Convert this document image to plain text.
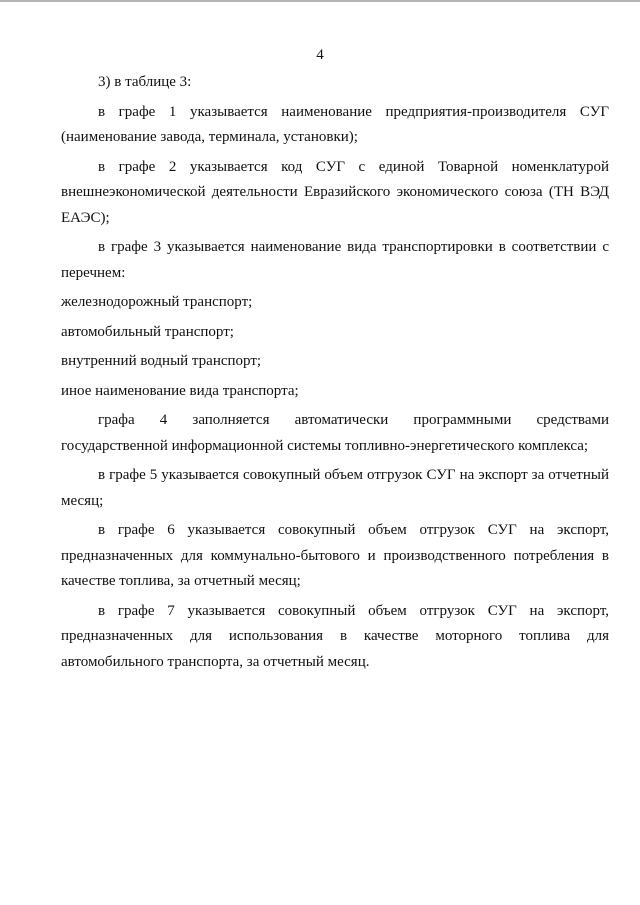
4

3) в таблице 3:

в графе 1 указывается наименование предприятия-производителя СУГ (наименование завода, терминала, установки);

в графе 2 указывается код СУГ с единой Товарной номенклатурой внешнеэкономической деятельности Евразийского экономического союза (ТН ВЭД ЕАЭС);

в графе 3 указывается наименование вида транспортировки в соответствии с перечнем:

железнодорожный транспорт;

автомобильный транспорт;

внутренний водный транспорт;

иное наименование вида транспорта;

графа 4 заполняется автоматически программными средствами государственной информационной системы топливно-энергетического комплекса;

в графе 5 указывается совокупный объем отгрузок СУГ на экспорт за отчетный месяц;

в графе 6 указывается совокупный объем отгрузок СУГ на экспорт, предназначенных для коммунально-бытового и производственного потребления в качестве топлива, за отчетный месяц;

в графе 7 указывается совокупный объем отгрузок СУГ на экспорт, предназначенных для использования в качестве моторного топлива для автомобильного транспорта, за отчетный месяц.
